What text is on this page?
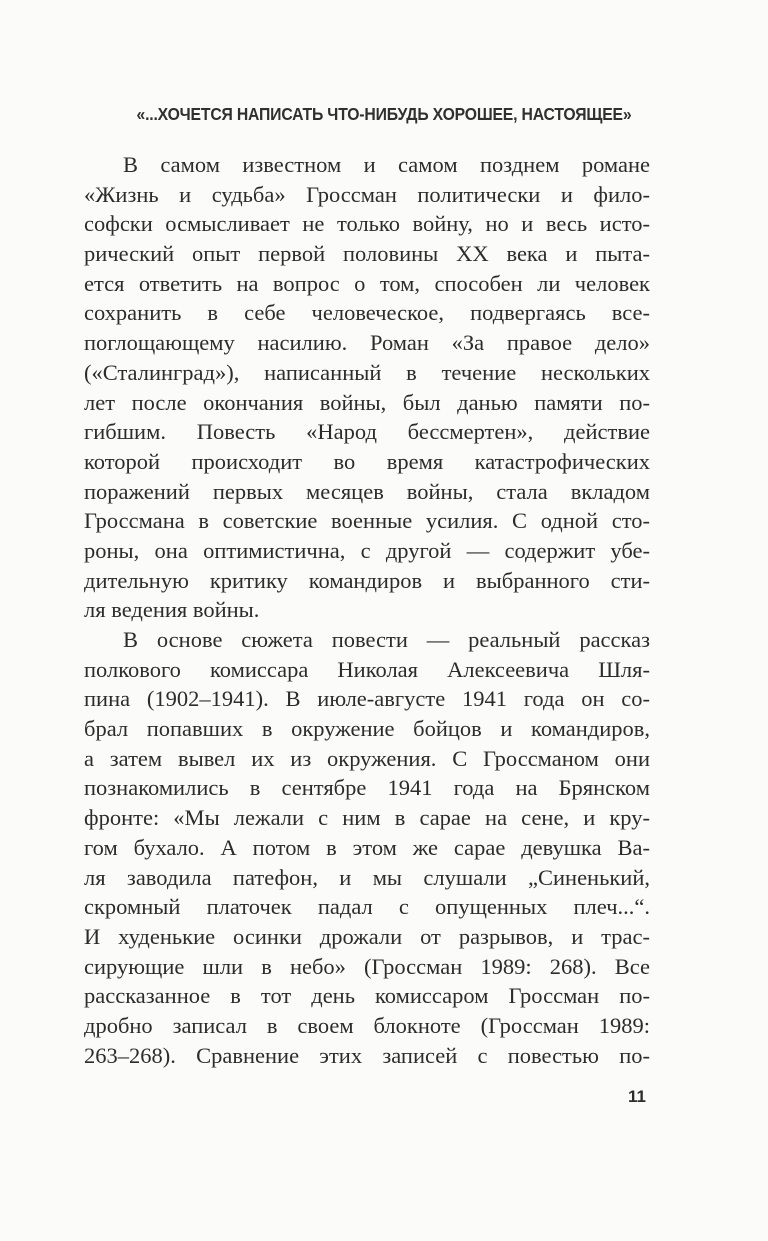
«...ХОЧЕТСЯ НАПИСАТЬ ЧТО-НИБУДЬ ХОРОШЕЕ, НАСТОЯЩЕЕ»
В самом известном и самом позднем романе
«Жизнь и судьба» Гроссман политически и фило-
софски осмысливает не только войну, но и весь исто-
рический опыт первой половины XX века и пыта-
ется ответить на вопрос о том, способен ли человек
сохранить в себе человеческое, подвергаясь все-
поглощающему насилию. Роман «За правое дело»
(«Сталинград»), написанный в течение нескольких
лет после окончания войны, был данью памяти по-
гибшим. Повесть «Народ бессмертен», действие
которой происходит во время катастрофических
поражений первых месяцев войны, стала вкладом
Гроссмана в советские военные усилия. С одной сто-
роны, она оптимистична, с другой — содержит убе-
дительную критику командиров и выбранного сти-
ля ведения войны.
В основе сюжета повести — реальный рассказ
полкового комиссара Николая Алексеевича Шля-
пина (1902–1941). В июле-августе 1941 года он со-
брал попавших в окружение бойцов и командиров,
а затем вывел их из окружения. С Гроссманом они
познакомились в сентябре 1941 года на Брянском
фронте: «Мы лежали с ним в сарае на сене, и кру-
гом бухало. А потом в этом же сарае девушка Ва-
ля заводила патефон, и мы слушали „Синенький,
скромный платочек падал с опущенных плеч...“.
И худенькие осинки дрожали от разрывов, и трас-
сирующие шли в небо» (Гроссман 1989: 268). Все
рассказанное в тот день комиссаром Гроссман по-
дробно записал в своем блокноте (Гроссман 1989:
263–268). Сравнение этих записей с повестью по-
11
